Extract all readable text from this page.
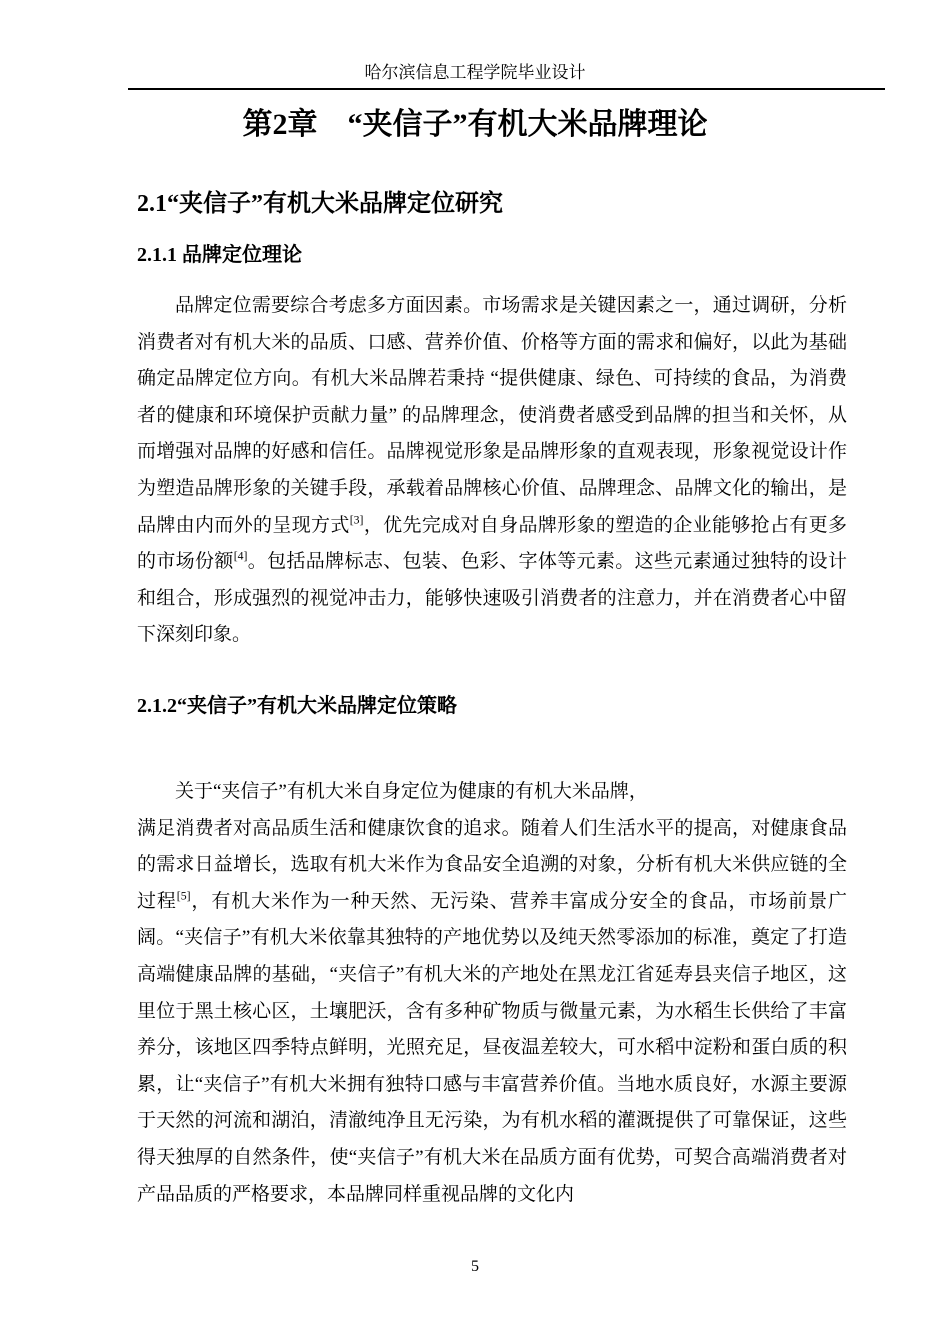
哈尔滨信息工程学院毕业设计
第2章　“夹信子”有机大米品牌理论
2.1“夹信子”有机大米品牌定位研究
2.1.1 品牌定位理论

品牌定位需要综合考虑多方面因素。市场需求是关键因素之一，通过调研，分析消费者对有机大米的品质、口感、营养价值、价格等方面的需求和偏好，以此为基础确定品牌定位方向。有机大米品牌若秉持 “提供健康、绿色、可持续的食品，为消费者的健康和环境保护贡献力量” 的品牌理念，使消费者感受到品牌的担当和关怀，从而增强对品牌的好感和信任。品牌视觉形象是品牌形象的直观表现，形象视觉设计作为塑造品牌形象的关键手段，承载着品牌核心价值、品牌理念、品牌文化的输出，是品牌由内而外的呈现方式[3]，优先完成对自身品牌形象的塑造的企业能够抢占有更多的市场份额[4]。包括品牌标志、包装、色彩、字体等元素。这些元素通过独特的设计和组合，形成强烈的视觉冲击力，能够快速吸引消费者的注意力，并在消费者心中留下深刻印象。

2.1.2“夹信子”有机大米品牌定位策略
关于“夹信子”有机大米自身定位为健康的有机大米品牌，
满足消费者对高品质生活和健康饮食的追求。随着人们生活水平的提高，对健康食品的需求日益增长，选取有机大米作为食品安全追溯的对象，分析有机大米供应链的全过程[5]，有机大米作为一种天然、无污染、营养丰富成分安全的食品，市场前景广阔。“夹信子”有机大米依靠其独特的产地优势以及纯天然零添加的标准，奠定了打造高端健康品牌的基础，“夹信子”有机大米的产地处在黑龙江省延寿县夹信子地区，这里位于黑土核心区，土壤肥沃，含有多种矿物质与微量元素，为水稻生长供给了丰富养分，该地区四季特点鲜明，光照充足，昼夜温差较大，可水稻中淀粉和蛋白质的积累，让“夹信子”有机大米拥有独特口感与丰富营养价值。当地水质良好，水源主要源于天然的河流和湖泊，清澈纯净且无污染，为有机水稻的灌溉提供了可靠保证，这些得天独厚的自然条件，使“夹信子”有机大米在品质方面有优势，可契合高端消费者对产品品质的严格要求，本品牌同样重视品牌的文化内
5
